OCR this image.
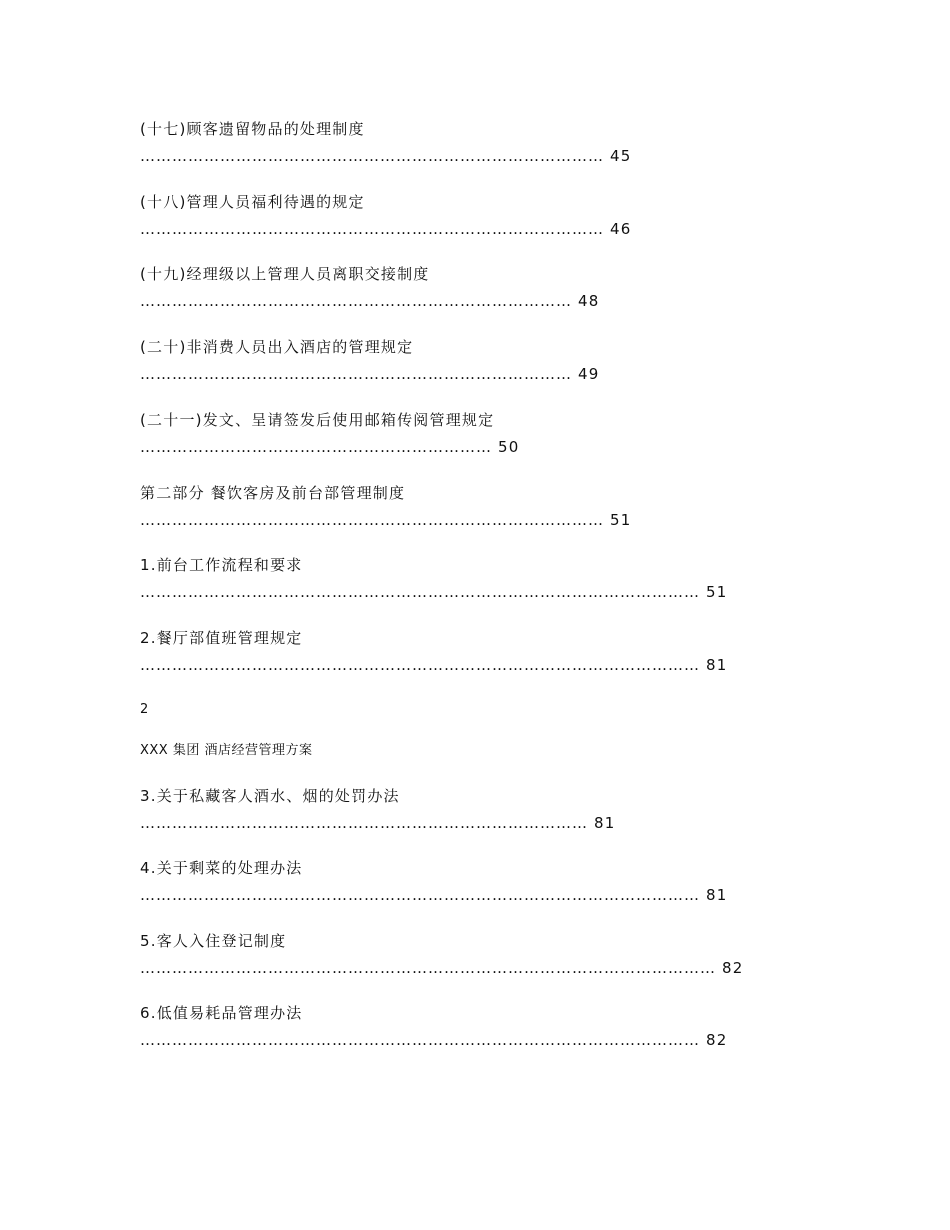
(十七)顾客遗留物品的处理制度
…………………………………………………………………………… 45
(十八)管理人员福利待遇的规定
…………………………………………………………………………… 46
(十九)经理级以上管理人员离职交接制度
……………………………………………………………………… 48
(二十)非消费人员出入酒店的管理规定
……………………………………………………………………… 49
(二十一)发文、呈请签发后使用邮箱传阅管理规定
………………………………………………………… 50
第二部分 餐饮客房及前台部管理制度
…………………………………………………………………………… 51
1.前台工作流程和要求
…………………………………………………………………………………………… 51
2.餐厅部值班管理规定
…………………………………………………………………………………………… 81
2
XXX 集团 酒店经营管理方案
3.关于私藏客人酒水、烟的处罚办法
………………………………………………………………………… 81
4.关于剩菜的处理办法
…………………………………………………………………………………………… 81
5.客人入住登记制度
……………………………………………………………………………………………… 82
6.低值易耗品管理办法
…………………………………………………………………………………………… 82
